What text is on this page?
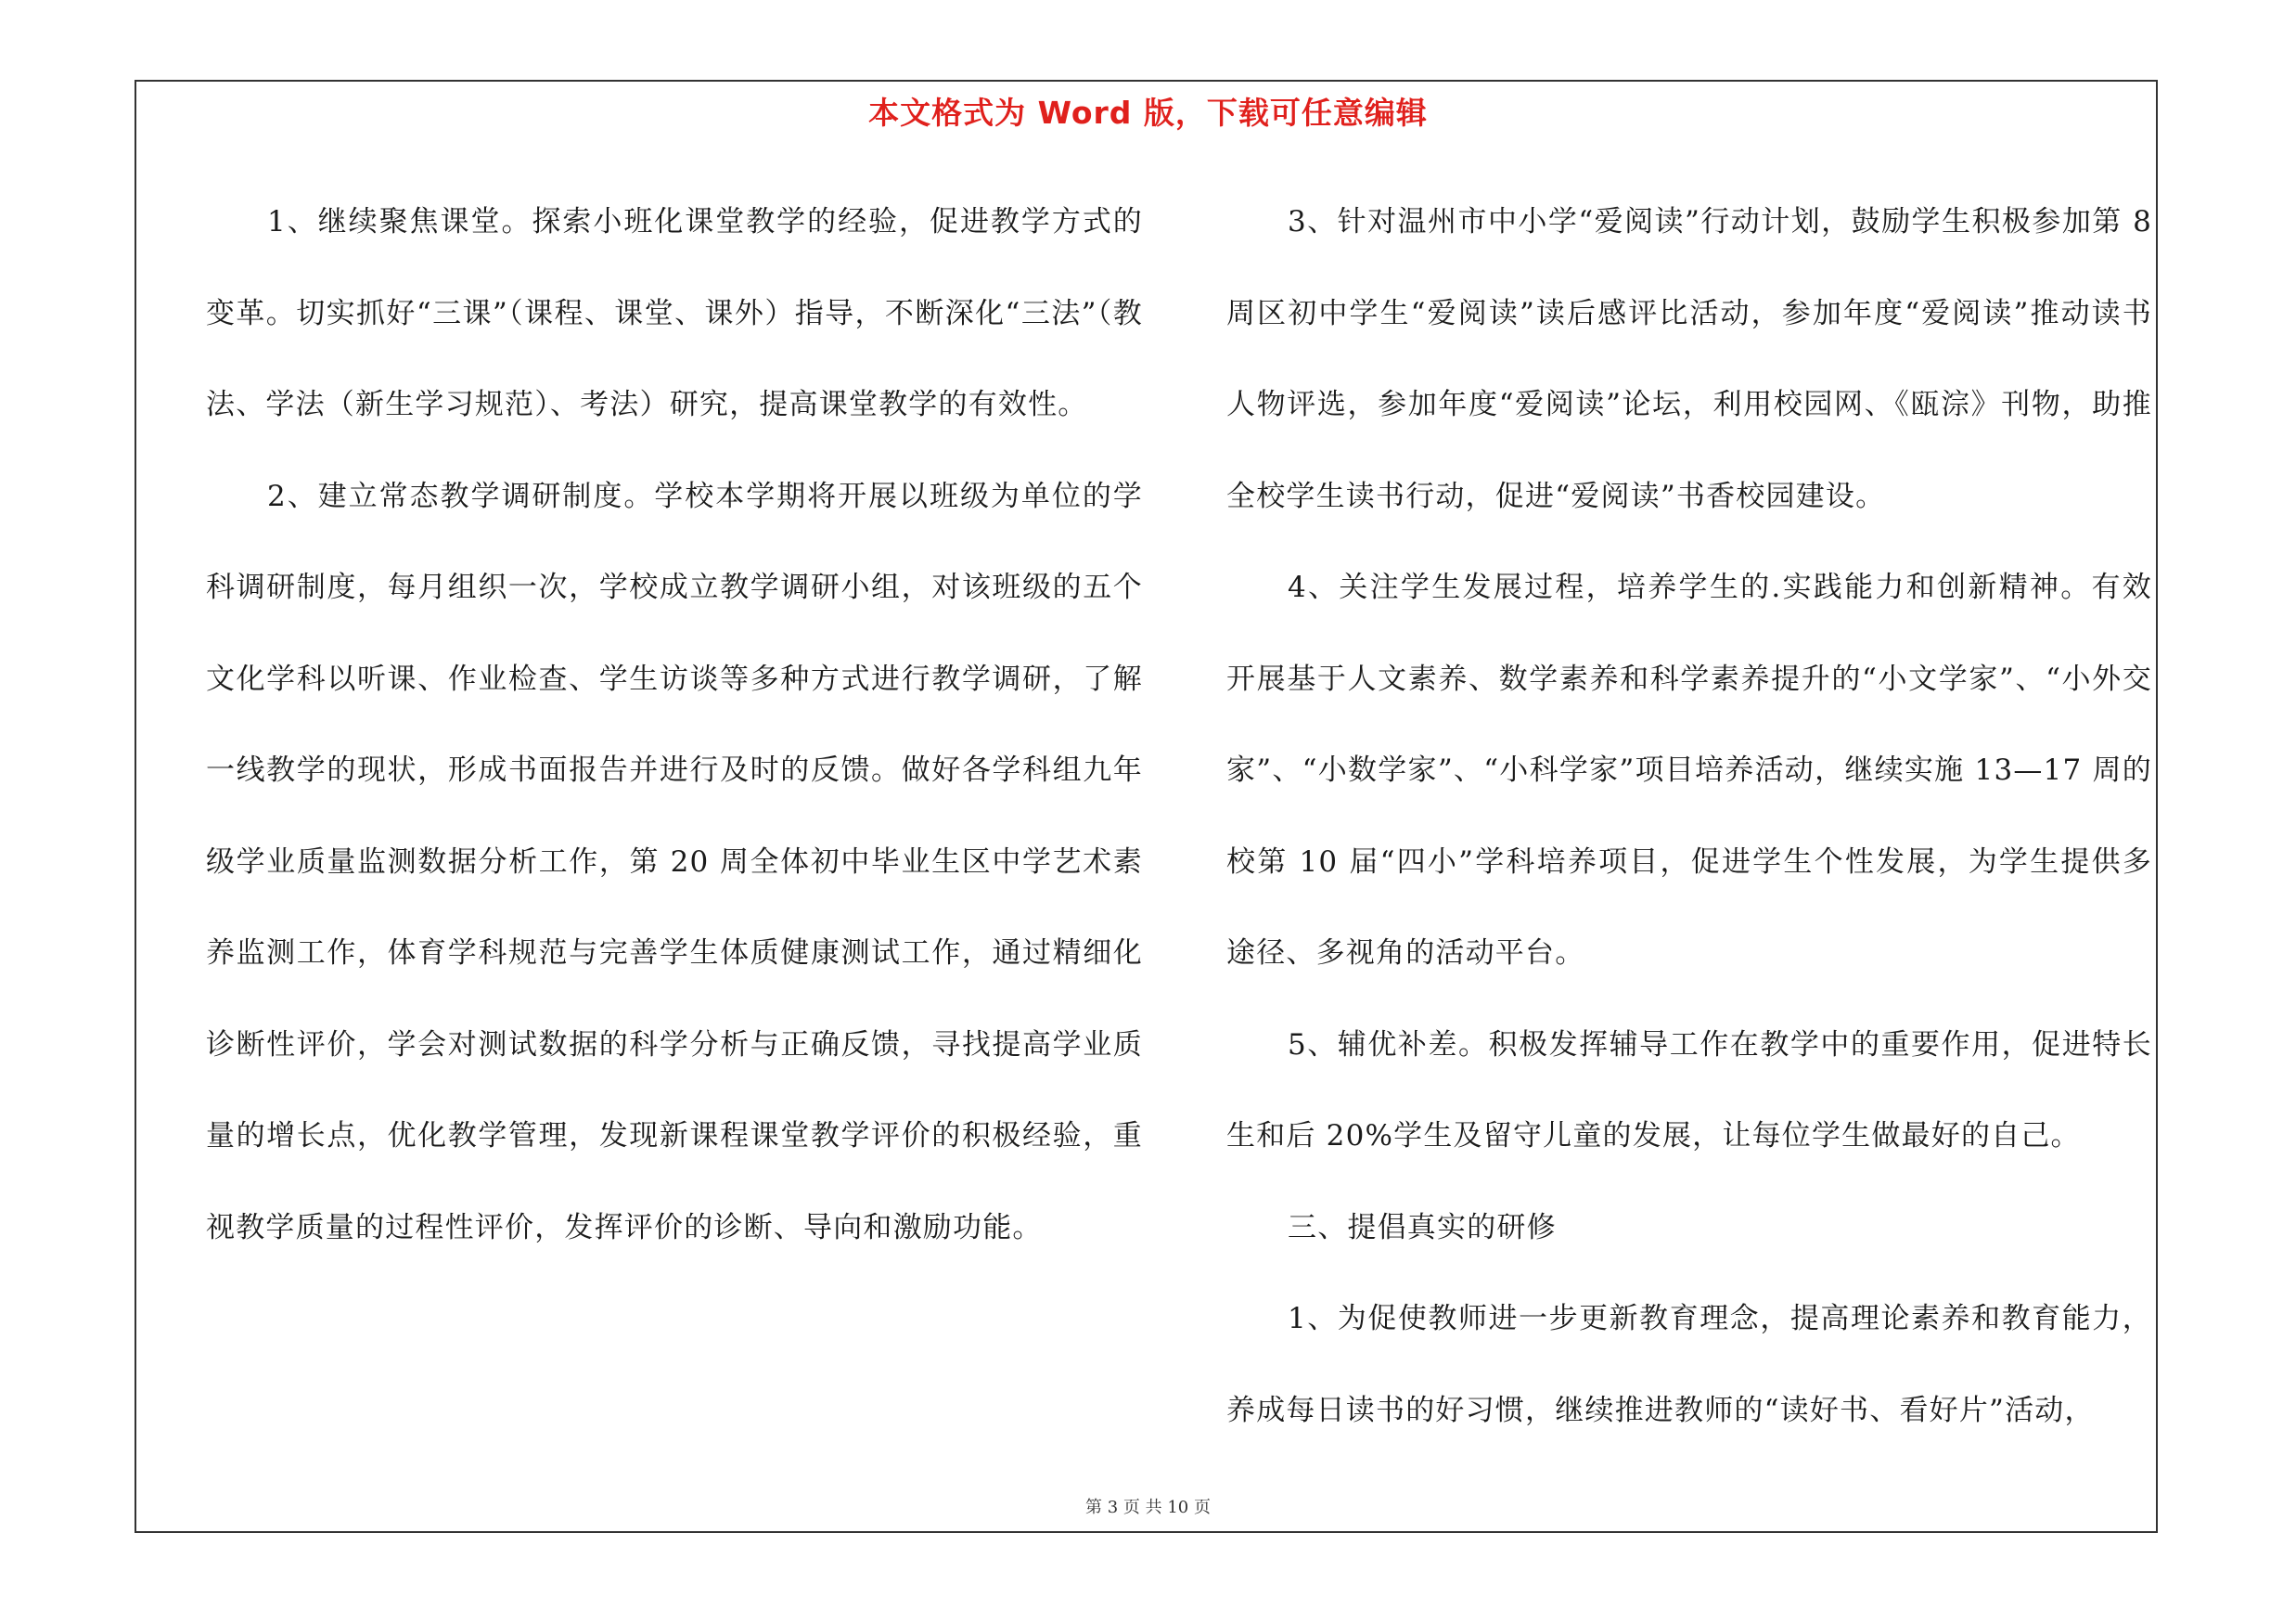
本文格式为 Word 版，下载可任意编辑

1、继续聚焦课堂。探索小班化课堂教学的经验，促进教学方式的变革。切实抓好“三课”（课程、课堂、课外）指导，不断深化“三法”（教法、学法（新生学习规范）、考法）研究，提高课堂教学的有效性。

2、建立常态教学调研制度。学校本学期将开展以班级为单位的学科调研制度，每月组织一次，学校成立教学调研小组，对该班级的五个文化学科以听课、作业检查、学生访谈等多种方式进行教学调研，了解一线教学的现状，形成书面报告并进行及时的反馈。做好各学科组九年级学业质量监测数据分析工作，第 20 周全体初中毕业生区中学艺术素养监测工作，体育学科规范与完善学生体质健康测试工作，通过精细化诊断性评价，学会对测试数据的科学分析与正确反馈，寻找提高学业质量的增长点，优化教学管理，发现新课程课堂教学评价的积极经验，重视教学质量的过程性评价，发挥评价的诊断、导向和激励功能。

3、针对温州市中小学“爱阅读”行动计划，鼓励学生积极参加第 8 周区初中学生“爱阅读”读后感评比活动，参加年度“爱阅读”推动读书人物评选，参加年度“爱阅读”论坛，利用校园网、《瓯淙》刊物，助推全校学生读书行动，促进“爱阅读”书香校园建设。

4、关注学生发展过程，培养学生的.实践能力和创新精神。有效开展基于人文素养、数学素养和科学素养提升的“小文学家”、“小外交家”、“小数学家”、“小科学家”项目培养活动，继续实施 13—17 周的校第 10 届“四小”学科培养项目，促进学生个性发展，为学生提供多途径、多视角的活动平台。

5、辅优补差。积极发挥辅导工作在教学中的重要作用，促进特长生和后 20%学生及留守儿童的发展，让每位学生做最好的自己。

三、提倡真实的研修

1、为促使教师进一步更新教育理念，提高理论素养和教育能力，养成每日读书的好习惯，继续推进教师的“读好书、看好片”活动，

第 3 页 共 10 页
